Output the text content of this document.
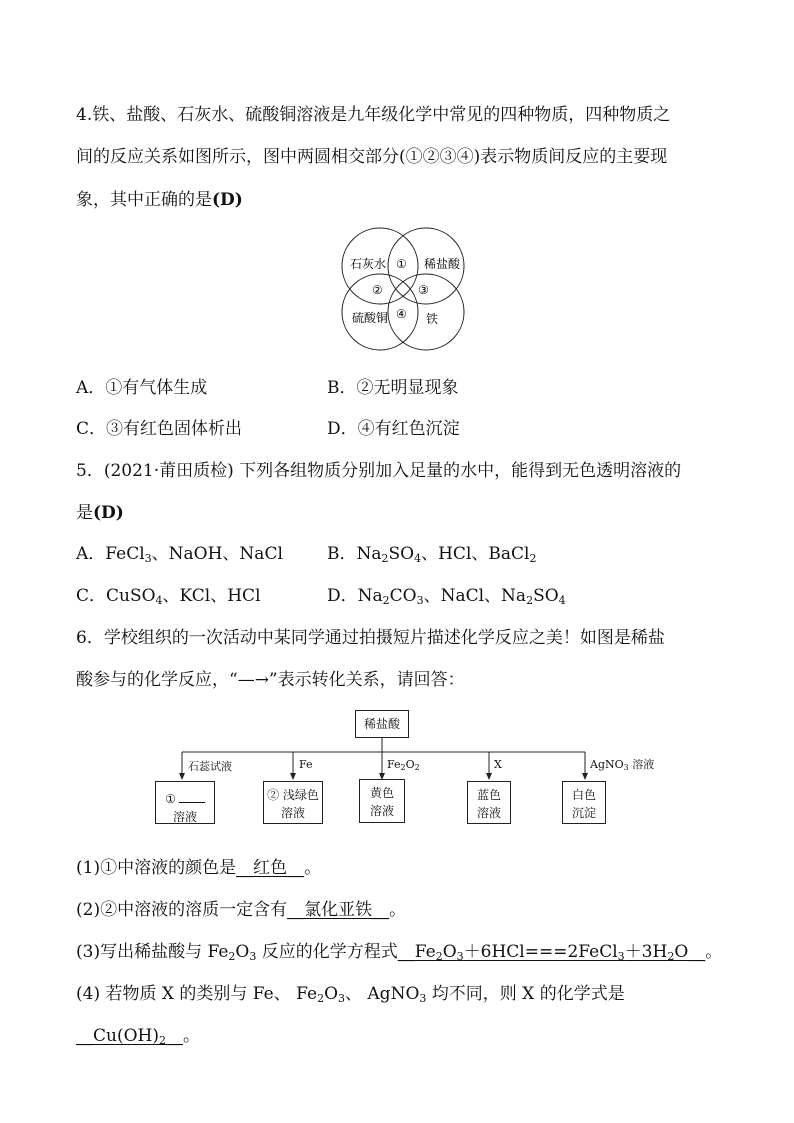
4.铁、盐酸、石灰水、硫酸铜溶液是九年级化学中常见的四种物质，四种物质之
间的反应关系如图所示，图中两圆相交部分(①②③④)表示物质间反应的主要现
象，其中正确的是(D)
石灰水	稀盐酸
硫酸铜	铁
①
②	③
④
A．①有气体生成	B．②无明显现象
C．③有红色固体析出	D．④有红色沉淀
5．(2021·莆田质检) 下列各组物质分别加入足量的水中，能得到无色透明溶液的
是(D)
A．FeCl$_3$、NaOH、NaCl	B．$Na_2SO_4$、HCl、BaCl$_2$
C．CuSO$_4$、KCl、HCl	D．$Na_2CO_3$、NaCl、$Na_2SO_4$
6．学校组织的一次活动中某同学通过拍摄短片描述化学反应之美！如图是稀盐
酸参与的化学反应，“—→”表示转化关系，请回答：
稀盐酸
石蕊试液	Fe	$Fe_2O_2$	X	AgNO$_3$ 溶液
①
溶液
② 浅绿色
溶液
黄色
溶液
蓝色
溶液
白色
沉淀
(1)①中溶液的颜色是__红色__。
(2)②中溶液的溶质一定含有__氯化亚铁__。
(3)写出稀盐酸与 $Fe_2O_3$ 反应的化学方程式$\_\_Fe_2O_3+6HCl===2FeCl_3+3H_2O\_\_$。
(4) 若物质 X 的类别与 Fe、 $Fe_2O_3$、 AgNO$_3$ 均不同，则 X 的化学式是
$\_\_Cu(OH)_2\_\_$。
